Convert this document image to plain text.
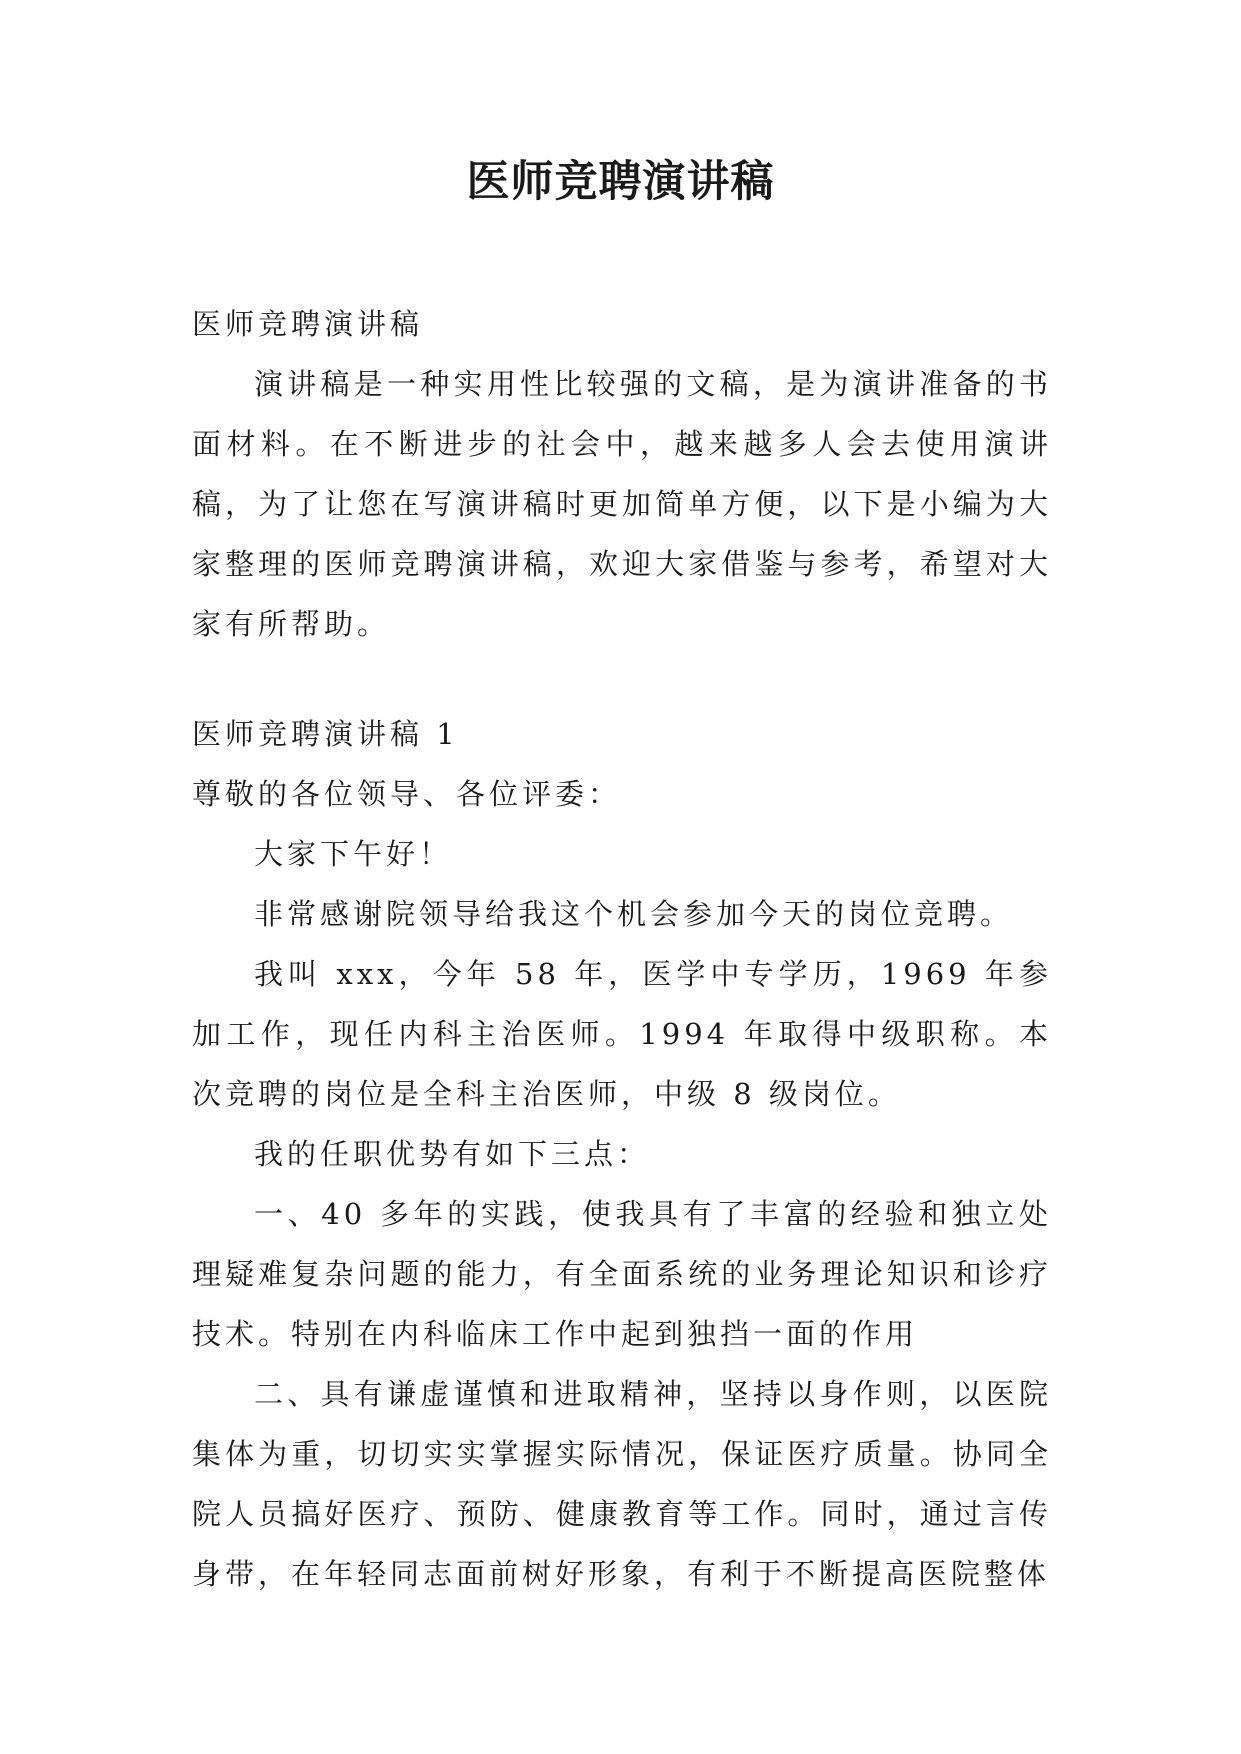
医师竞聘演讲稿

医师竞聘演讲稿

演讲稿是一种实用性比较强的文稿，是为演讲准备的书面材料。在不断进步的社会中，越来越多人会去使用演讲稿，为了让您在写演讲稿时更加简单方便，以下是小编为大家整理的医师竞聘演讲稿，欢迎大家借鉴与参考，希望对大家有所帮助。

医师竞聘演讲稿 1

尊敬的各位领导、各位评委：

大家下午好！

非常感谢院领导给我这个机会参加今天的岗位竞聘。

我叫 xxx，今年 58 年，医学中专学历，1969 年参加工作，现任内科主治医师。1994 年取得中级职称。本次竞聘的岗位是全科主治医师，中级 8 级岗位。

我的任职优势有如下三点：

一、40 多年的实践，使我具有了丰富的经验和独立处理疑难复杂问题的能力，有全面系统的业务理论知识和诊疗技术。特别在内科临床工作中起到独挡一面的作用

二、具有谦虚谨慎和进取精神，坚持以身作则，以医院集体为重，切切实实掌握实际情况，保证医疗质量。协同全院人员搞好医疗、预防、健康教育等工作。同时，通过言传身带，在年轻同志面前树好形象，有利于不断提高医院整体
